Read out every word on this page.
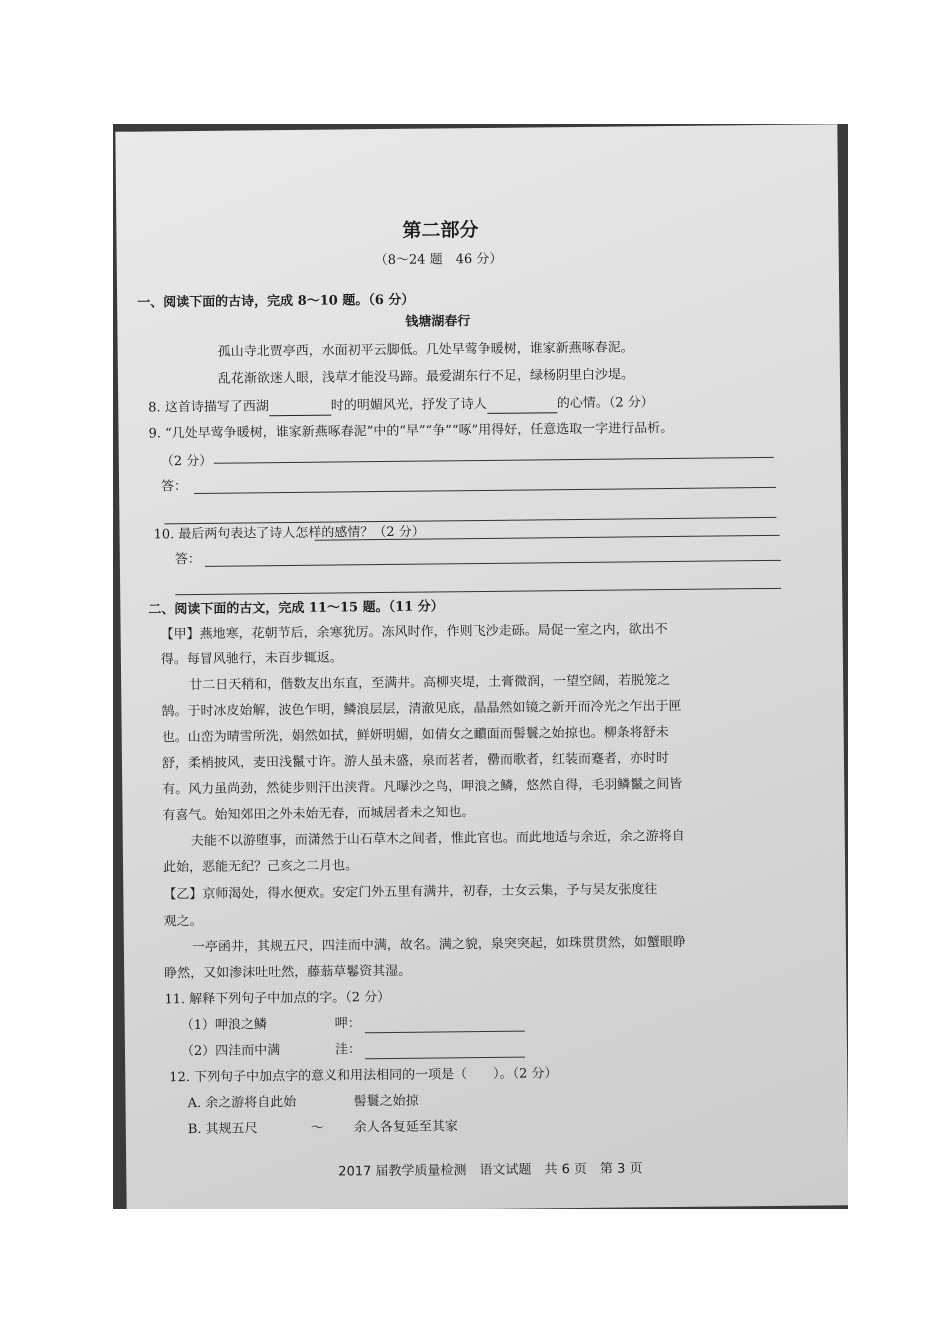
第二部分
（8～24 题　46 分）
一、阅读下面的古诗，完成 8～10 题。（6 分）
钱塘湖春行
孤山寺北贾亭西，水面初平云脚低。几处早莺争暖树，谁家新燕啄春泥。
乱花渐欲迷人眼，浅草才能没马蹄。最爱湖东行不足，绿杨阴里白沙堤。
8. 这首诗描写了西湖	时的明媚风光，抒发了诗人	的心情。（2 分）
9. “几处早莺争暖树，谁家新燕啄春泥”中的“早”“争”“啄”用得好，任意选取一字进行品析。
（2 分）
答：
10. 最后两句表达了诗人怎样的感情？（2 分）
答：
二、阅读下面的古文，完成 11～15 题。（11 分）
【甲】燕地寒，花朝节后，余寒犹厉。冻风时作，作则飞沙走砾。局促一室之内，欲出不
得。每冒风驰行，未百步辄返。
廿二日天稍和，偕数友出东直，至满井。高柳夹堤，土膏微润，一望空阔，若脱笼之
鹄。于时冰皮始解，波色乍明，鳞浪层层，清澈见底，晶晶然如镜之新开而冷光之乍出于匣
也。山峦为晴雪所洗，娟然如拭，鲜妍明媚，如倩女之靧面而髻鬟之始掠也。柳条将舒未
舒，柔梢披风，麦田浅鬣寸许。游人虽未盛，泉而茗者，罍而歌者，红装而蹇者，亦时时
有。风力虽尚劲，然徒步则汗出浃背。凡曝沙之鸟，呷浪之鳞，悠然自得，毛羽鳞鬣之间皆
有喜气。始知郊田之外未始无春，而城居者未之知也。
夫能不以游堕事，而潇然于山石草木之间者，惟此官也。而此地适与余近，余之游将自
此始，恶能无纪？己亥之二月也。
【乙】京师渴处，得水便欢。安定门外五里有满井，初春，士女云集，予与吴友张度往
观之。
一亭函井，其规五尺，四洼而中满，故名。满之貌，泉突突起，如珠贯贯然，如蟹眼睁
睁然，又如渗沫吐吐然，藤蓊草鬈资其湿。
11. 解释下列句子中加点的字。（2 分）
（1）呷浪之鳞	呷：
（2）四洼而中满	洼：
12. 下列句子中加点字的意义和用法相同的一项是（　　）。（2 分）
A. 余之游将自此始	髻鬟之始掠
B. 其规五尺	～ 余人各复延至其家
2017 届教学质量检测　语文试题　共 6 页　第 3 页
